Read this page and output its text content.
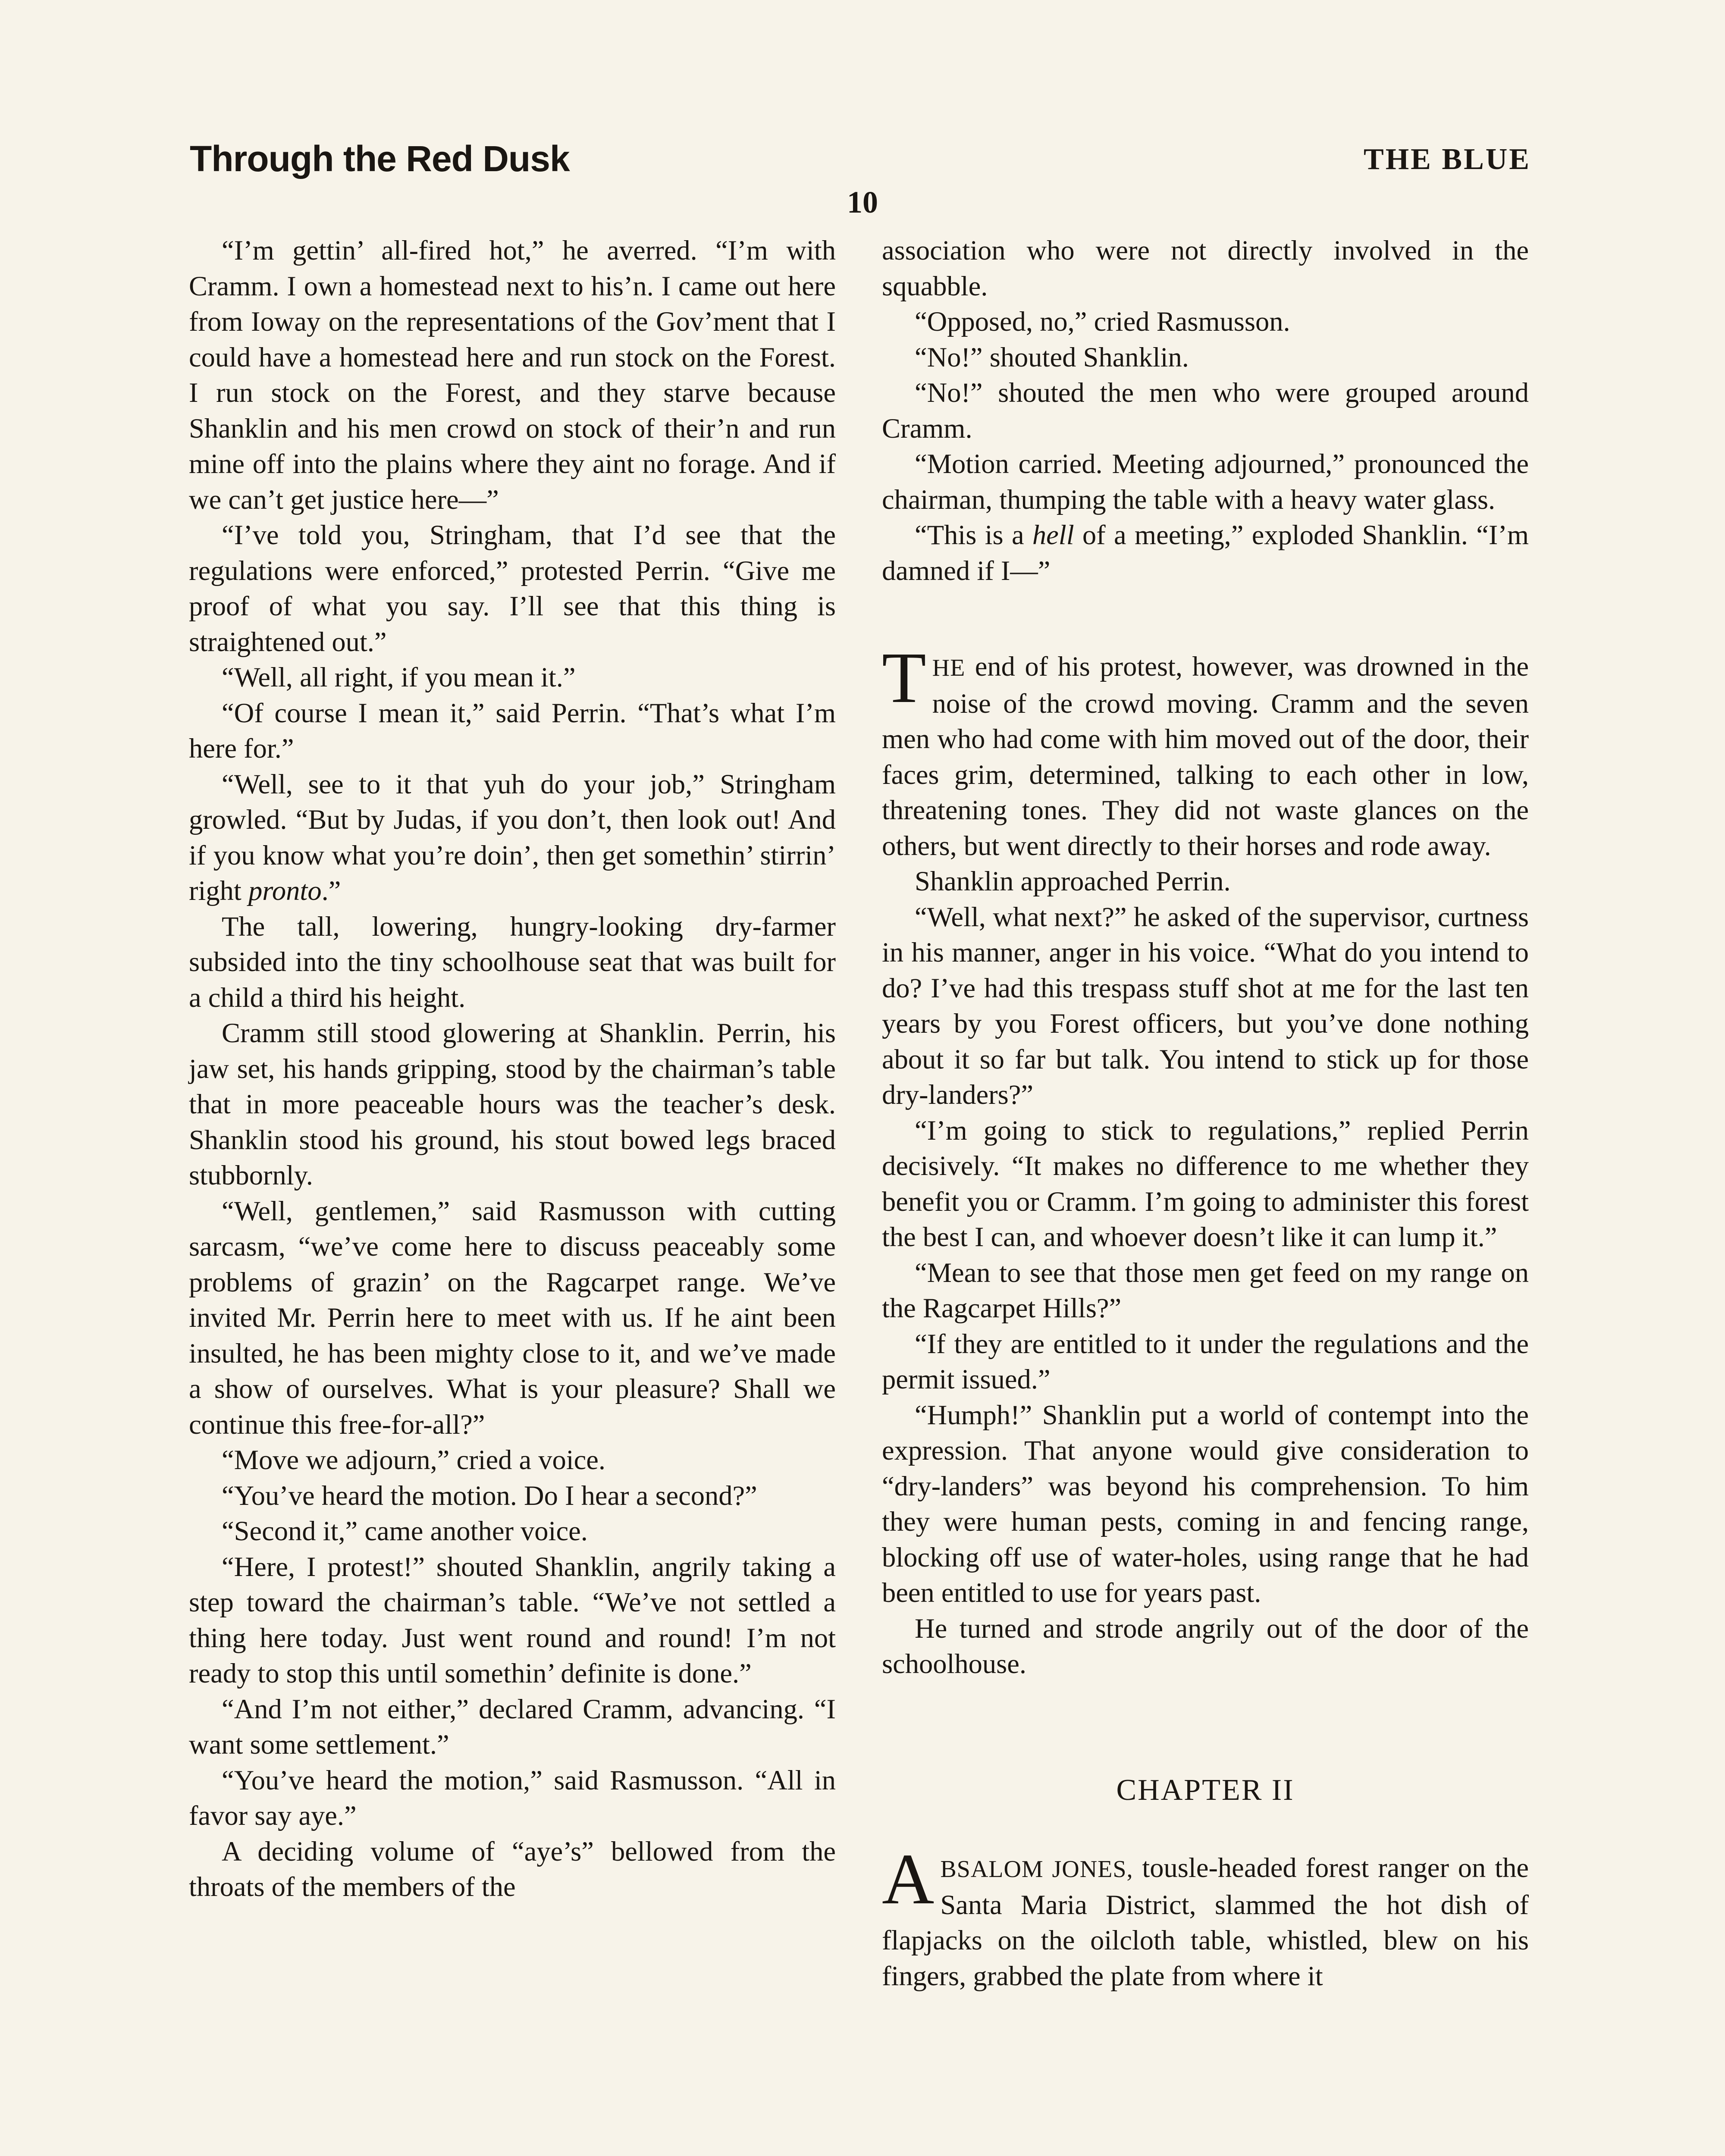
Through the Red Dusk	THE BLUE
10

“I’m gettin’ all-fired hot,” he averred. “I’m with Cramm. I own a homestead next to his’n. I came out here from Ioway on the representations of the Gov’ment that I could have a homestead here and run stock on the Forest. I run stock on the Forest, and they starve because Shanklin and his men crowd on stock of their’n and run mine off into the plains where they aint no forage. And if we can’t get justice here—”

“I’ve told you, Stringham, that I’d see that the regulations were enforced,” protested Perrin. “Give me proof of what you say. I’ll see that this thing is straightened out.”

“Well, all right, if you mean it.”

“Of course I mean it,” said Perrin. “That’s what I’m here for.”

“Well, see to it that yuh do your job,” Stringham growled. “But by Judas, if you don’t, then look out! And if you know what you’re doin’, then get somethin’ stirrin’ right pronto.”

The tall, lowering, hungry-looking dry-farmer subsided into the tiny schoolhouse seat that was built for a child a third his height.

Cramm still stood glowering at Shanklin. Perrin, his jaw set, his hands gripping, stood by the chairman’s table that in more peaceable hours was the teacher’s desk. Shanklin stood his ground, his stout bowed legs braced stubbornly.

“Well, gentlemen,” said Rasmusson with cutting sarcasm, “we’ve come here to discuss peaceably some problems of grazin’ on the Ragcarpet range. We’ve invited Mr. Perrin here to meet with us. If he aint been insulted, he has been mighty close to it, and we’ve made a show of ourselves. What is your pleasure? Shall we continue this free-for-all?”

“Move we adjourn,” cried a voice.

“You’ve heard the motion. Do I hear a second?”

“Second it,” came another voice.

“Here, I protest!” shouted Shanklin, angrily taking a step toward the chairman’s table. “We’ve not settled a thing here today. Just went round and round! I’m not ready to stop this until somethin’ definite is done.”

“And I’m not either,” declared Cramm, advancing. “I want some settlement.”

“You’ve heard the motion,” said Rasmusson. “All in favor say aye.”

A deciding volume of “aye’s” bellowed from the throats of the members of the

association who were not directly involved in the squabble.

“Opposed, no,” cried Rasmusson.

“No!” shouted Shanklin.

“No!” shouted the men who were grouped around Cramm.

“Motion carried. Meeting adjourned,” pronounced the chairman, thumping the table with a heavy water glass.

“This is a hell of a meeting,” exploded Shanklin. “I’m damned if I—”

THE end of his protest, however, was drowned in the noise of the crowd moving. Cramm and the seven men who had come with him moved out of the door, their faces grim, determined, talking to each other in low, threatening tones. They did not waste glances on the others, but went directly to their horses and rode away.

Shanklin approached Perrin.

“Well, what next?” he asked of the supervisor, curtness in his manner, anger in his voice. “What do you intend to do? I’ve had this trespass stuff shot at me for the last ten years by you Forest officers, but you’ve done nothing about it so far but talk. You intend to stick up for those dry-landers?”

“I’m going to stick to regulations,” replied Perrin decisively. “It makes no difference to me whether they benefit you or Cramm. I’m going to administer this forest the best I can, and whoever doesn’t like it can lump it.”

“Mean to see that those men get feed on my range on the Ragcarpet Hills?”

“If they are entitled to it under the regulations and the permit issued.”

“Humph!” Shanklin put a world of contempt into the expression. That anyone would give consideration to “dry-landers” was beyond his comprehension. To him they were human pests, coming in and fencing range, blocking off use of water-holes, using range that he had been entitled to use for years past.

He turned and strode angrily out of the door of the schoolhouse.

CHAPTER II

ABSALOM JONES, tousle-headed forest ranger on the Santa Maria District, slammed the hot dish of flapjacks on the oilcloth table, whistled, blew on his fingers, grabbed the plate from where it
